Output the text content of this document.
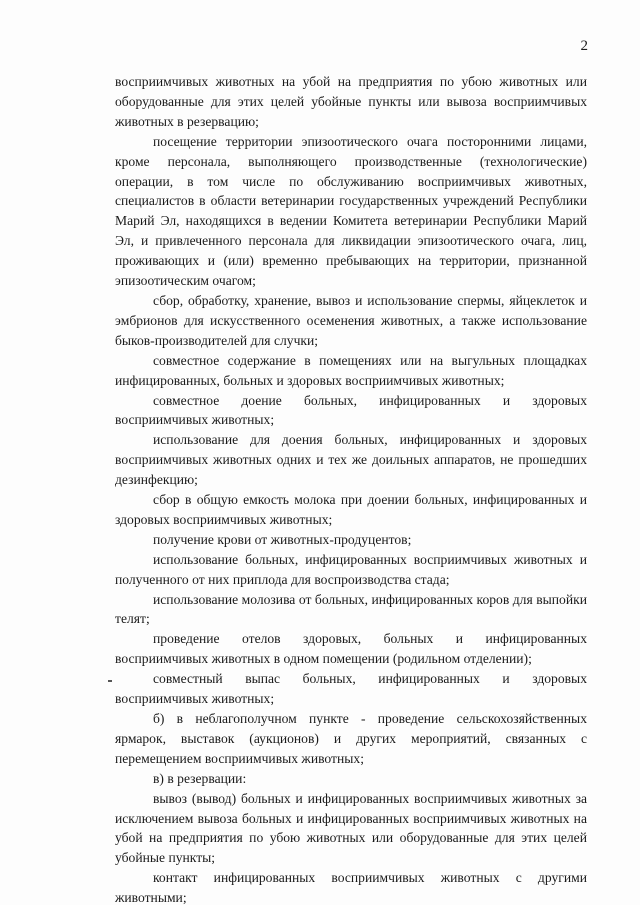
2

восприимчивых животных на убой на предприятия по убою животных или оборудованные для этих целей убойные пункты или вывоза восприимчивых животных в резервацию;

посещение территории эпизоотического очага посторонними лицами, кроме персонала, выполняющего производственные (технологические) операции, в том числе по обслуживанию восприимчивых животных, специалистов в области ветеринарии государственных учреждений Республики Марий Эл, находящихся в ведении Комитета ветеринарии Республики Марий Эл, и привлеченного персонала для ликвидации эпизоотического очага, лиц, проживающих и (или) временно пребывающих на территории, признанной эпизоотическим очагом;

сбор, обработку, хранение, вывоз и использование спермы, яйцеклеток и эмбрионов для искусственного осеменения животных, а также использование быков-производителей для случки;

совместное содержание в помещениях или на выгульных площадках инфицированных, больных и здоровых восприимчивых животных;

совместное доение больных, инфицированных и здоровых восприимчивых животных;

использование для доения больных, инфицированных и здоровых восприимчивых животных одних и тех же доильных аппаратов, не прошедших дезинфекцию;

сбор в общую емкость молока при доении больных, инфицированных и здоровых восприимчивых животных;

получение крови от животных-продуцентов;

использование больных, инфицированных восприимчивых животных и полученного от них приплода для воспроизводства стада;

использование молозива от больных, инфицированных коров для выпойки телят;

проведение отелов здоровых, больных и инфицированных восприимчивых животных в одном помещении (родильном отделении);

совместный выпас больных, инфицированных и здоровых восприимчивых животных;

б) в неблагополучном пункте - проведение сельскохозяйственных ярмарок, выставок (аукционов) и других мероприятий, связанных с перемещением восприимчивых животных;

в) в резервации:

вывоз (вывод) больных и инфицированных восприимчивых животных за исключением вывоза больных и инфицированных восприимчивых животных на убой на предприятия по убою животных или оборудованные для этих целей убойные пункты;

контакт инфицированных восприимчивых животных с другими животными;
